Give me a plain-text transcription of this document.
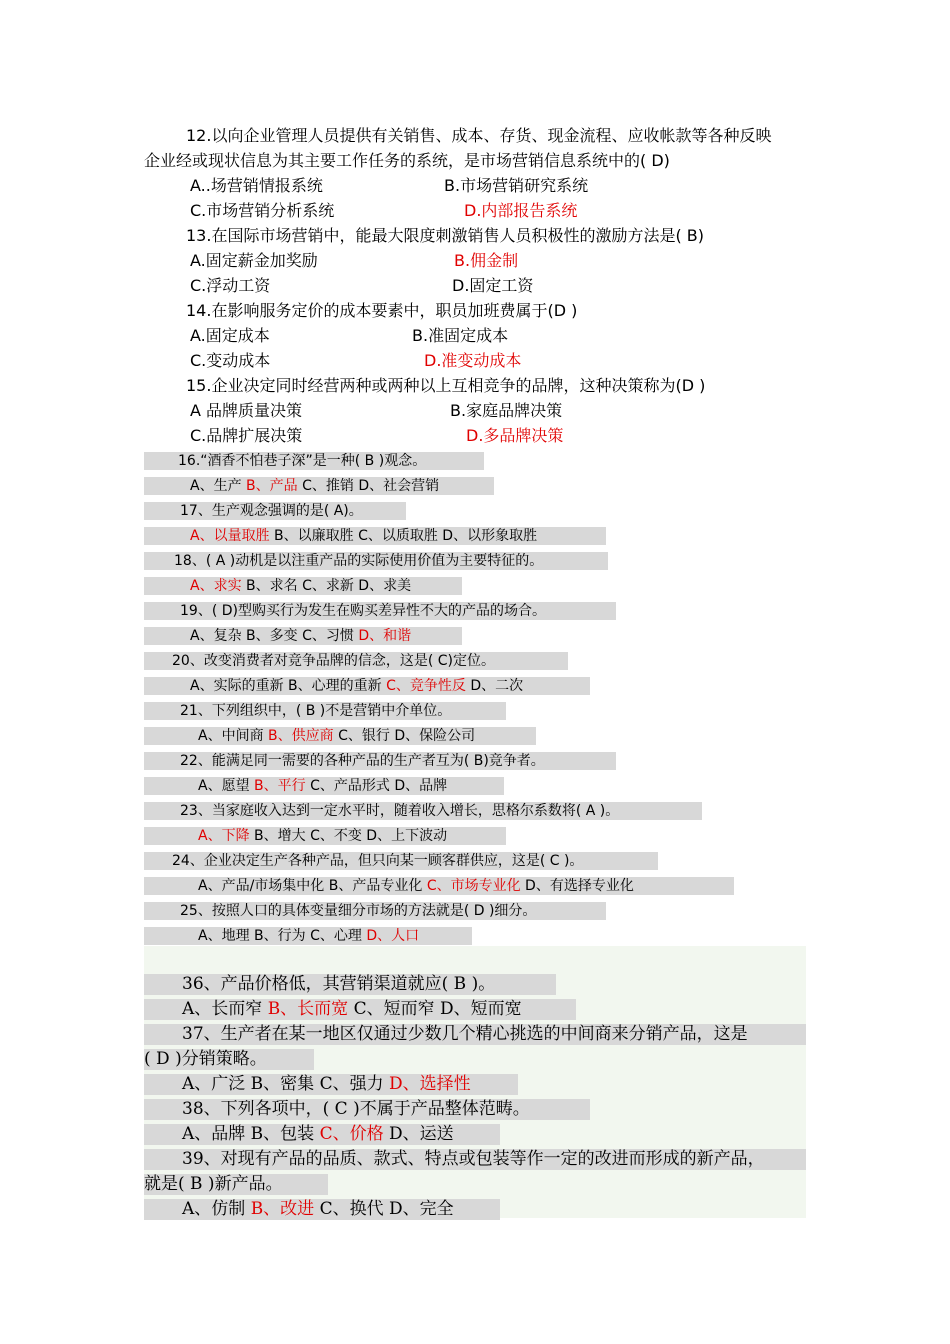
12.以向企业管理人员提供有关销售、成本、存货、现金流程、应收帐款等各种反映
企业经或现状信息为其主要工作任务的系统，是市场营销信息系统中的( D)
A..场营销情报系统	B.市场营销研究系统
C.市场营销分析系统	D.内部报告系统
13.在国际市场营销中，能最大限度刺激销售人员积极性的激励方法是( B)
A.固定薪金加奖励	B.佣金制
C.浮动工资	D.固定工资
14.在影响服务定价的成本要素中，职员加班费属于(D )
A.固定成本	B.准固定成本
C.变动成本	D.准变动成本
15.企业决定同时经营两种或两种以上互相竞争的品牌，这种决策称为(D )
A 品牌质量决策	B.家庭品牌决策
C.品牌扩展决策	D.多品牌决策
16.“酒香不怕巷子深”是一种( B )观念。
A、生产 B、产品 C、推销 D、社会营销
17、生产观念强调的是( A)。
A、以量取胜 B、以廉取胜 C、以质取胜 D、以形象取胜
18、( A )动机是以注重产品的实际使用价值为主要特征的。
A、求实 B、求名 C、求新 D、求美
19、( D)型购买行为发生在购买差异性不大的产品的场合。
A、复杂 B、多变 C、习惯 D、和谐
20、改变消费者对竞争品牌的信念，这是( C)定位。
A、实际的重新 B、心理的重新 C、竞争性反 D、二次
21、下列组织中，( B )不是营销中介单位。
A、中间商 B、供应商 C、银行 D、保险公司
22、能满足同一需要的各种产品的生产者互为( B)竞争者。
A、愿望 B、平行 C、产品形式 D、品牌
23、当家庭收入达到一定水平时，随着收入增长，思格尔系数将( A )。
A、下降 B、增大 C、不变 D、上下波动
24、企业决定生产各种产品，但只向某一顾客群供应，这是( C )。
A、产品/市场集中化 B、产品专业化 C、市场专业化 D、有选择专业化
25、按照人口的具体变量细分市场的方法就是( D )细分。
A、地理 B、行为 C、心理 D、人口
36、产品价格低，其营销渠道就应( B )。
A、长而窄 B、长而宽 C、短而窄 D、短而宽
37、生产者在某一地区仅通过少数几个精心挑选的中间商来分销产品，这是
( D )分销策略。
A、广泛 B、密集 C、强力 D、选择性
38、下列各项中，( C )不属于产品整体范畴。
A、品牌 B、包装 C、价格 D、运送
39、对现有产品的品质、款式、特点或包装等作一定的改进而形成的新产品，
就是( B )新产品。
A、仿制 B、改进 C、换代 D、完全
